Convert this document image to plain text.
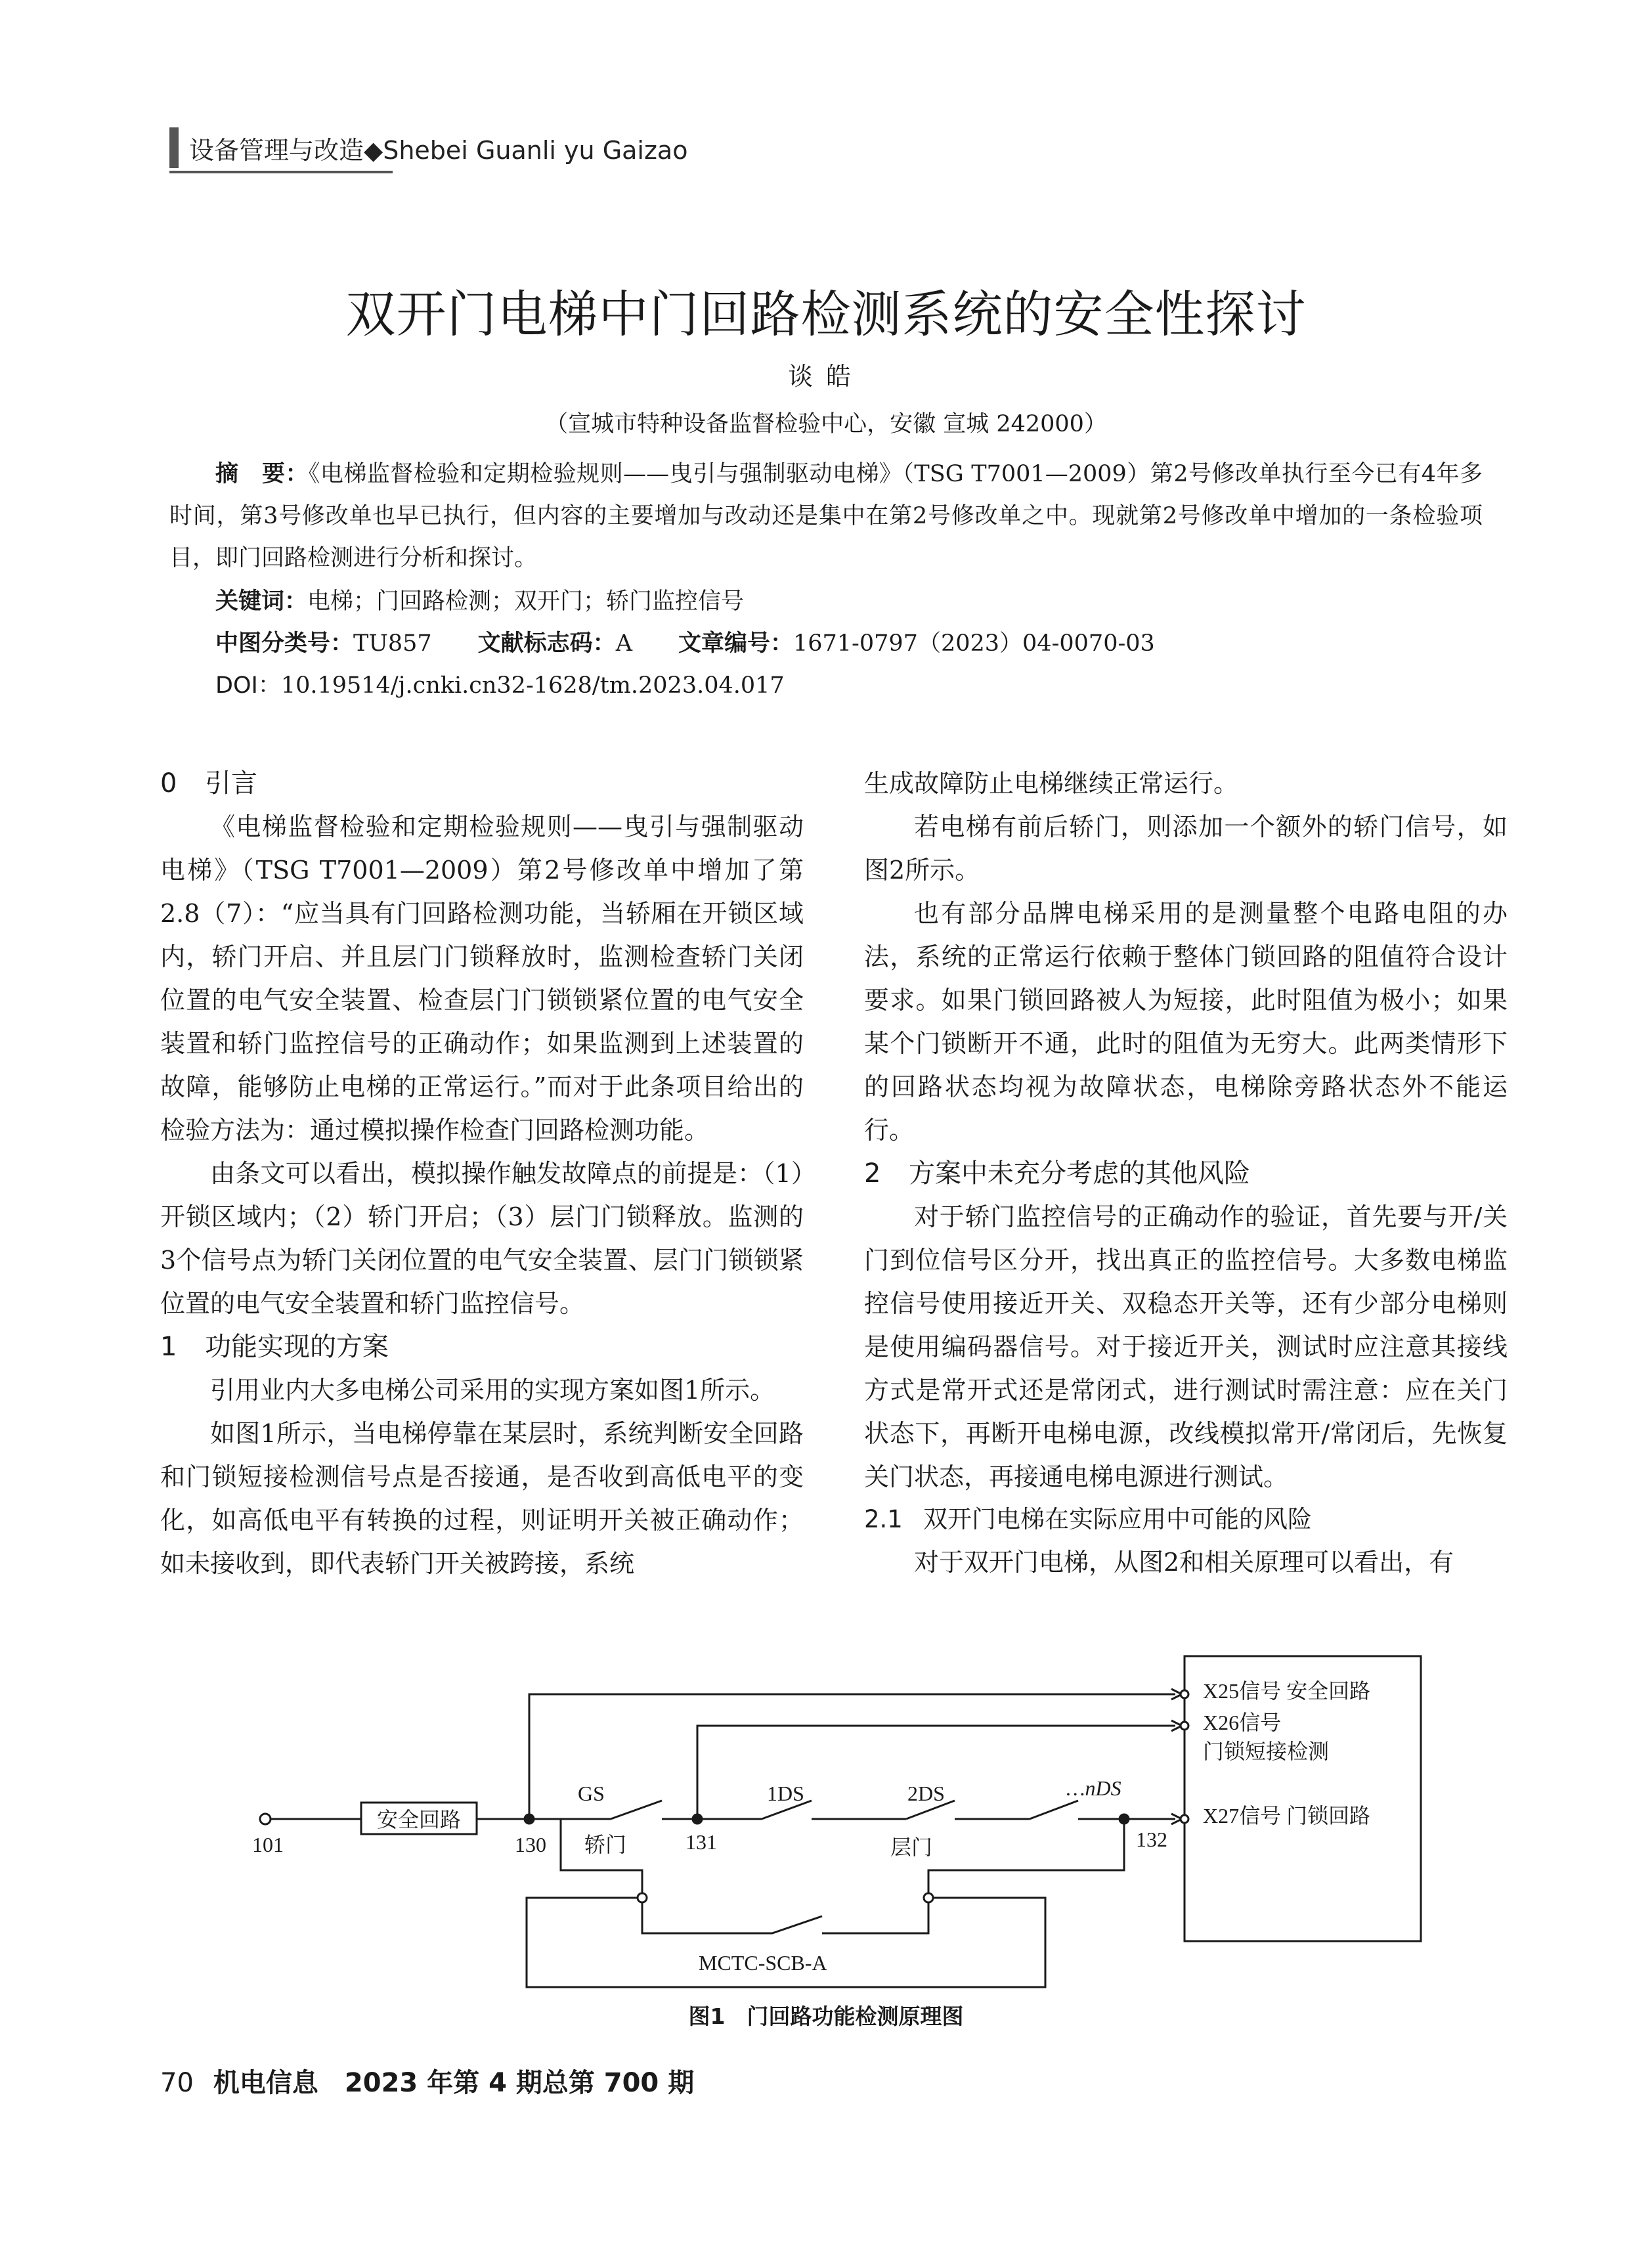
设备管理与改造◆Shebei Guanli yu Gaizao
双开门电梯中门回路检测系统的安全性探讨
谈皓
（宣城市特种设备监督检验中心，安徽 宣城 242000）
摘　要：《电梯监督检验和定期检验规则——曳引与强制驱动电梯》（TSG T7001—2009）第2号修改单执行至今已有4年多时间，第3号修改单也早已执行，但内容的主要增加与改动还是集中在第2号修改单之中。现就第2号修改单中增加的一条检验项目，即门回路检测进行分析和探讨。
关键词：电梯；门回路检测；双开门；轿门监控信号
中图分类号：TU857 文献标志码：A 文章编号：1671-0797（2023）04-0070-03
DOI：10.19514/j.cnki.cn32-1628/tm.2023.04.017
0 引言

《电梯监督检验和定期检验规则——曳引与强制驱动电梯》（TSG T7001—2009）第2号修改单中增加了第2.8（7）：“应当具有门回路检测功能，当轿厢在开锁区域内，轿门开启、并且层门门锁释放时，监测检查轿门关闭位置的电气安全装置、检查层门门锁锁紧位置的电气安全装置和轿门监控信号的正确动作；如果监测到上述装置的故障，能够防止电梯的正常运行。”而对于此条项目给出的检验方法为：通过模拟操作检查门回路检测功能。

由条文可以看出，模拟操作触发故障点的前提是：（1）开锁区域内；（2）轿门开启；（3）层门门锁释放。监测的3个信号点为轿门关闭位置的电气安全装置、层门门锁锁紧位置的电气安全装置和轿门监控信号。

1 功能实现的方案

引用业内大多电梯公司采用的实现方案如图1所示。

如图1所示，当电梯停靠在某层时，系统判断安全回路和门锁短接检测信号点是否接通，是否收到高低电平的变化，如高低电平有转换的过程，则证明开关被正确动作；如未接收到，即代表轿门开关被跨接，系统

生成故障防止电梯继续正常运行。

若电梯有前后轿门，则添加一个额外的轿门信号，如图2所示。

也有部分品牌电梯采用的是测量整个电路电阻的办法，系统的正常运行依赖于整体门锁回路的阻值符合设计要求。如果门锁回路被人为短接，此时阻值为极小；如果某个门锁断开不通，此时的阻值为无穷大。此两类情形下的回路状态均视为故障状态，电梯除旁路状态外不能运行。

2 方案中未充分考虑的其他风险

对于轿门监控信号的正确动作的验证，首先要与开/关门到位信号区分开，找出真正的监控信号。大多数电梯监控信号使用接近开关、双稳态开关等，还有少部分电梯则是使用编码器信号。对于接近开关，测试时应注意其接线方式是常开式还是常闭式，进行测试时需注意：应在关门状态下，再断开电梯电源，改线模拟常开/常闭后，先恢复关门状态，再接通电梯电源进行测试。

2.1 双开门电梯在实际应用中可能的风险

对于双开门电梯，从图2和相关原理可以看出，有

X25信号 安全回路
X26信号
门锁短接检测
X27信号 门锁回路
GS	1DS	2DS	…nDS
101	130	131	132
安全回路
轿门	层门
MCTC-SCB-A
图1　门回路功能检测原理图
70 机电信息　2023 年第 4 期总第 700 期
